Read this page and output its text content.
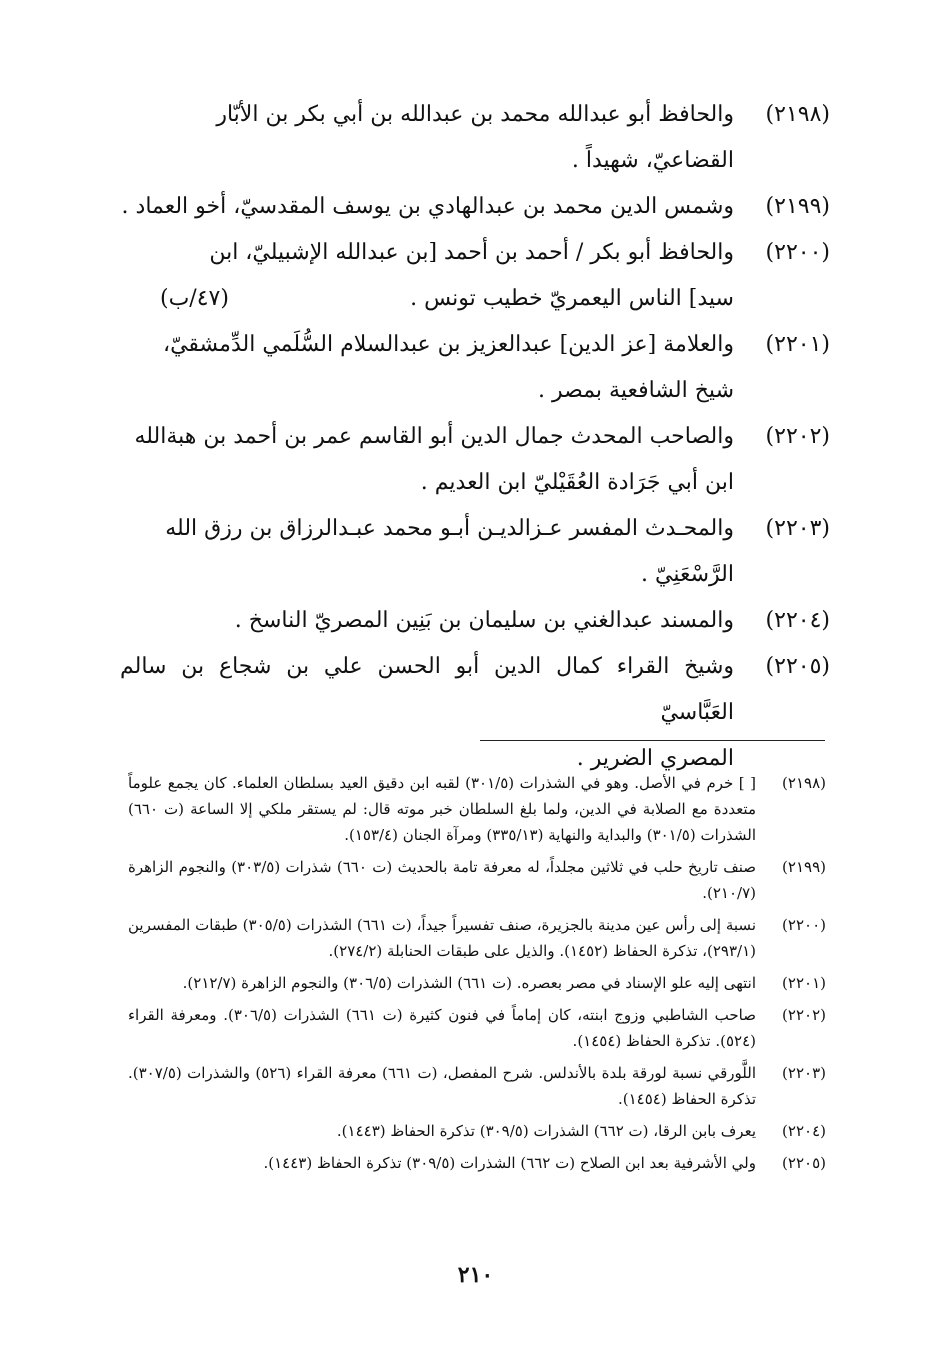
(٢١٩٨)
والحافظ أبو عبدالله محمد بن عبدالله بن أبي بكر بن الأبّار
القضاعيّ، شهيداً .
(٢١٩٩)
وشمس الدين محمد بن عبدالهادي بن يوسف المقدسيّ، أخو العماد .
(٢٢٠٠)
والحافظ أبو بكر / أحمد بن أحمد [بن عبدالله الإشبيليّ، ابن
سيد] الناس اليعمريّ خطيب تونس .
(٤٧/ب)
(٢٢٠١)
والعلامة [عز الدين] عبدالعزيز بن عبدالسلام السُّلَمي الدِّمشقيّ،
شيخ الشافعية بمصر .
(٢٢٠٢)
والصاحب المحدث جمال الدين أبو القاسم عمر بن أحمد بن هبةالله
ابن أبي جَرَادة العُقَيْليّ ابن العديم .
(٢٢٠٣)
والمحـدث المفسر عـزالديـن أبـو محمد عبـدالرزاق بن رزق الله
الرَّسْعَنِيّ .
(٢٢٠٤)
والمسند عبدالغني بن سليمان بن بَنِين المصريّ الناسخ .
(٢٢٠٥)
وشيخ القراء كمال الدين أبو الحسن علي بن شجاع بن سالم العَبَّاسيّ
المصري الضرير .
(٢١٩٨)
[ ] خرم في الأصل. وهو في الشذرات (٣٠١/٥) لقبه ابن دقيق العيد بسلطان العلماء. كان يجمع علوماً متعددة مع الصلابة في الدين، ولما بلغ السلطان خبر موته قال: لم يستقر ملكي إلا الساعة (ت ٦٦٠) الشذرات (٣٠١/٥) والبداية والنهاية (٣٣٥/١٣) ومرآة الجنان (١٥٣/٤).
(٢١٩٩)
صنف تاريخ حلب في ثلاثين مجلداً، له معرفة تامة بالحديث (ت ٦٦٠) شذرات (٣٠٣/٥) والنجوم الزاهرة (٢١٠/٧).
(٢٢٠٠)
نسبة إلى رأس عين مدينة بالجزيرة، صنف تفسيراً جيداً، (ت ٦٦١) الشذرات (٣٠٥/٥) طبقات المفسرين (٢٩٣/١)، تذكرة الحفاظ (١٤٥٢). والذيل على طبقات الحنابلة (٢٧٤/٢).
(٢٢٠١)
انتهى إليه علو الإسناد في مصر بعصره. (ت ٦٦١) الشذرات (٣٠٦/٥) والنجوم الزاهرة (٢١٢/٧).
(٢٢٠٢)
صاحب الشاطبي وزوج ابنته، كان إماماً في فنون كثيرة (ت ٦٦١) الشذرات (٣٠٦/٥). ومعرفة القراء (٥٢٤). تذكرة الحفاظ (١٤٥٤).
(٢٢٠٣)
اللَّورقي نسبة لورقة بلدة بالأندلس. شرح المفصل، (ت ٦٦١) معرفة القراء (٥٢٦) والشذرات (٣٠٧/٥). تذكرة الحفاظ (١٤٥٤).
(٢٢٠٤)
يعرف بابن الرقا، (ت ٦٦٢) الشذرات (٣٠٩/٥) تذكرة الحفاظ (١٤٤٣).
(٢٢٠٥)
ولي الأشرفية بعد ابن الصلاح (ت ٦٦٢) الشذرات (٣٠٩/٥) تذكرة الحفاظ (١٤٤٣).
٢١٠
